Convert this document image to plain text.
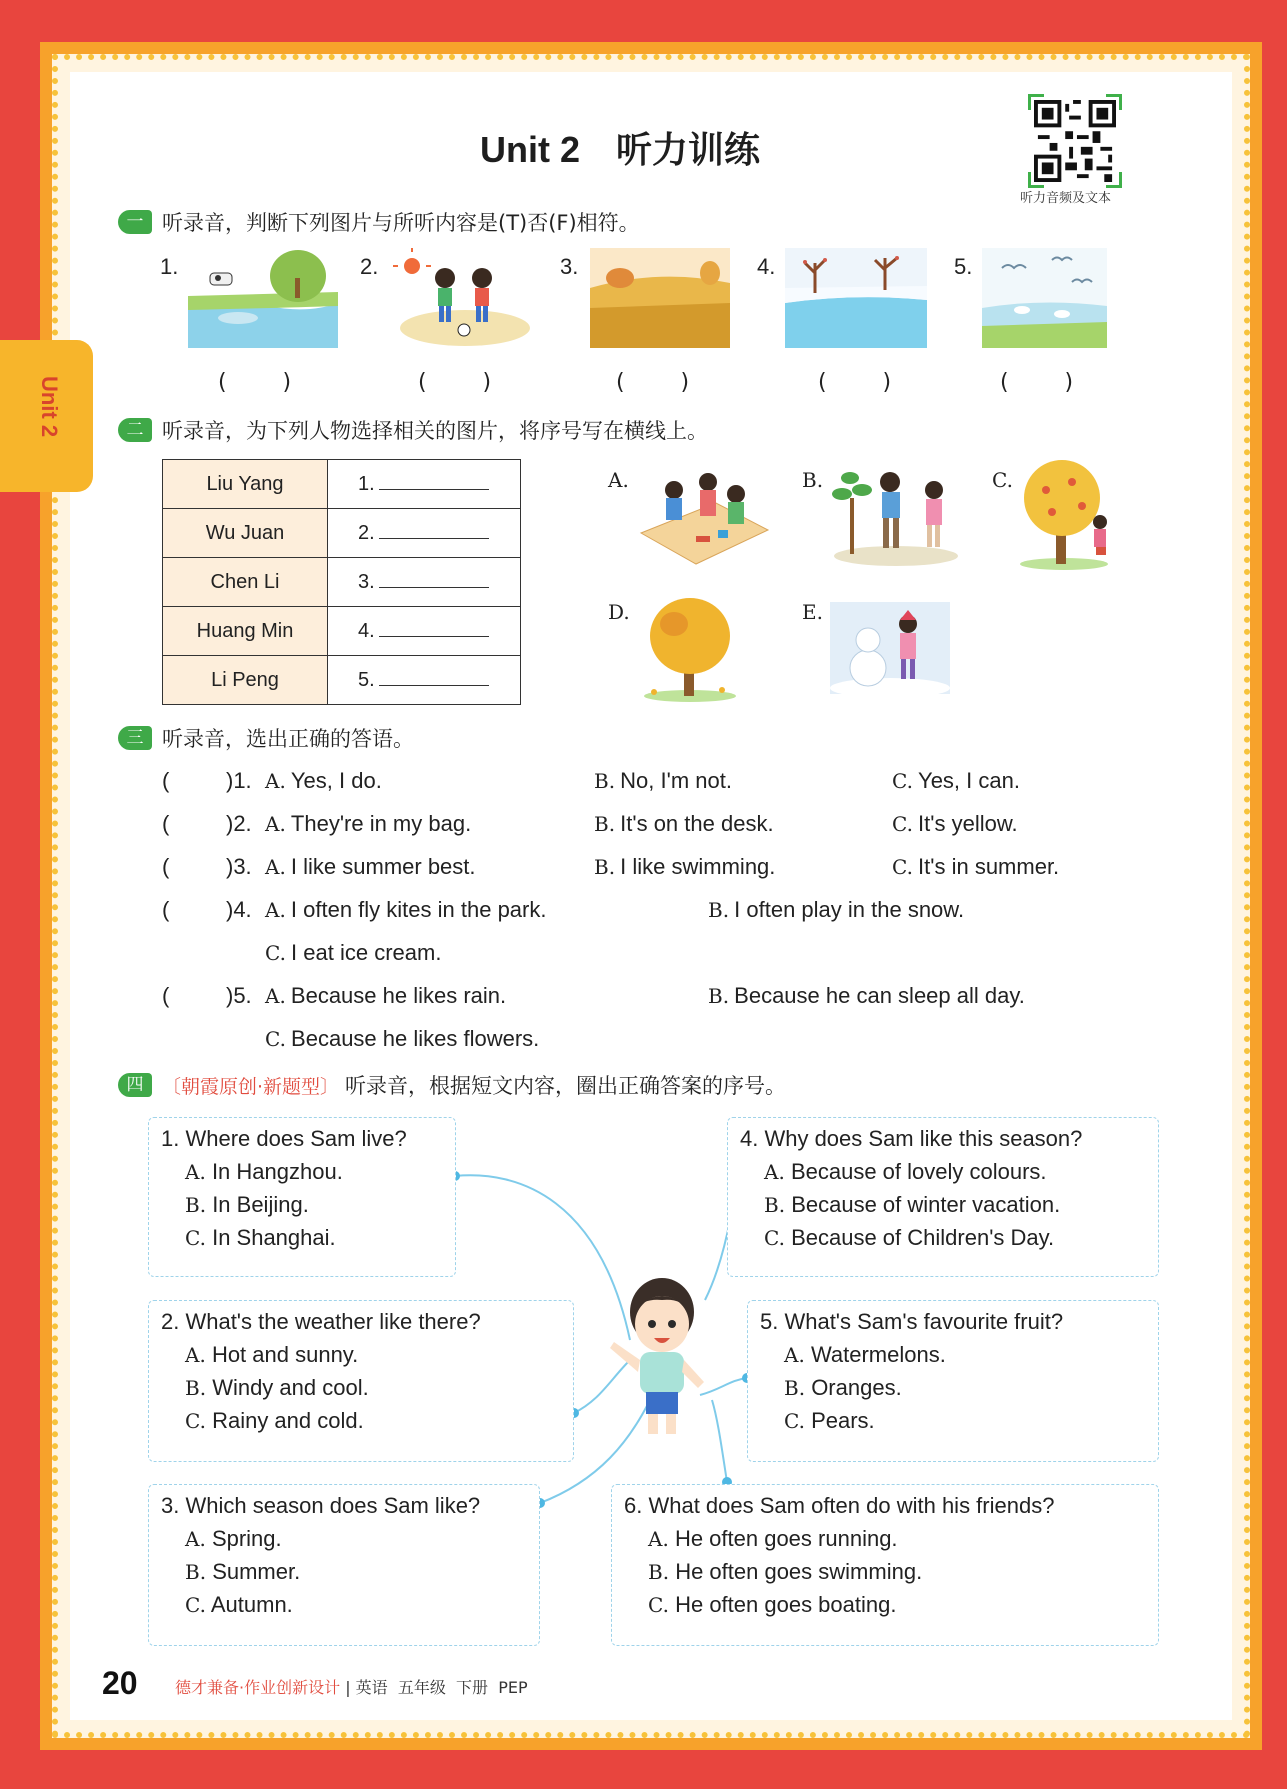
Unit 2
Unit 2　听力训练
听力音频及文本
一 听录音，判断下列图片与所听内容是(T)否(F)相符。
1.	2.	3.	4.	5.
(        )	(        )	(        )	(        )	(        )
二 听录音，为下列人物选择相关的图片，将序号写在横线上。
Liu Yang	1.
Wu Juan	2.
Chen Li	3.
Huang Min	4.
Li Peng	5.
A.	B.	C.
D.	E.
三 听录音，选出正确的答语。
(	)1. A. Yes, I do.	B. No, I'm not.	C. Yes, I can.
(	)2. A. They're in my bag.	B. It's on the desk.	C. It's yellow.
(	)3. A. I like summer best.	B. I like swimming.	C. It's in summer.
(	)4. A. I often fly kites in the park.	B. I often play in the snow.
C. I eat ice cream.
(	)5. A. Because he likes rain.	B. Because he can sleep all day.
C. Because he likes flowers.
四 〔朝霞原创·新题型〕 听录音，根据短文内容，圈出正确答案的序号。
1. Where does Sam live?
A. In Hangzhou.
B. In Beijing.
C. In Shanghai.
2. What's the weather like there?
A. Hot and sunny.
B. Windy and cool.
C. Rainy and cold.
3. Which season does Sam like?
A. Spring.
B. Summer.
C. Autumn.
4. Why does Sam like this season?
A. Because of lovely colours.
B. Because of winter vacation.
C. Because of Children's Day.
5. What's Sam's favourite fruit?
A. Watermelons.
B. Oranges.
C. Pears.
6. What does Sam often do with his friends?
A. He often goes running.
B. He often goes swimming.
C. He often goes boating.
20 德才兼备·作业创新设计 | 英语  五年级  下册  PEP
